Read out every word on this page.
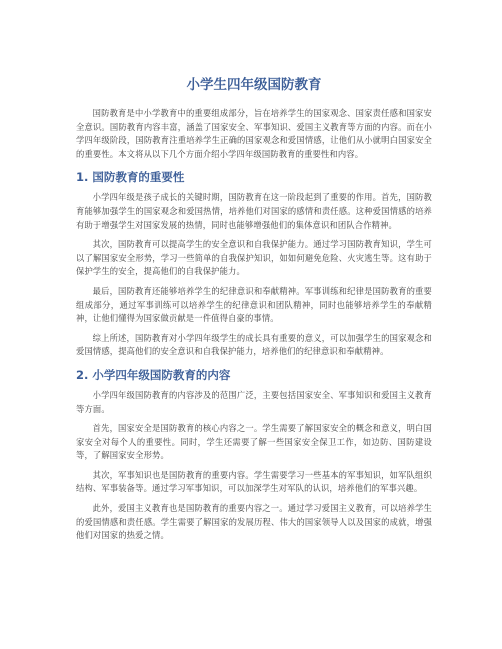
小学生四年级国防教育

国防教育是中小学教育中的重要组成部分，旨在培养学生的国家观念、国家责任感和国家安全意识。国防教育内容丰富，涵盖了国家安全、军事知识、爱国主义教育等方面的内容。而在小学四年级阶段，国防教育注重培养学生正确的国家观念和爱国情感，让他们从小就明白国家安全的重要性。本文将从以下几个方面介绍小学四年级国防教育的重要性和内容。

1. 国防教育的重要性

小学四年级是孩子成长的关键时期，国防教育在这一阶段起到了重要的作用。首先，国防教育能够加强学生的国家观念和爱国热情，培养他们对国家的感情和责任感。这种爱国情感的培养有助于增强学生对国家发展的热情，同时也能够增强他们的集体意识和团队合作精神。

其次，国防教育可以提高学生的安全意识和自我保护能力。通过学习国防教育知识，学生可以了解国家安全形势，学习一些简单的自我保护知识，如如何避免危险、火灾逃生等。这有助于保护学生的安全，提高他们的自我保护能力。

最后，国防教育还能够培养学生的纪律意识和奉献精神。军事训练和纪律是国防教育的重要组成部分，通过军事训练可以培养学生的纪律意识和团队精神，同时也能够培养学生的奉献精神，让他们懂得为国家做贡献是一件值得自豪的事情。

综上所述，国防教育对小学四年级学生的成长具有重要的意义，可以加强学生的国家观念和爱国情感，提高他们的安全意识和自我保护能力，培养他们的纪律意识和奉献精神。

2. 小学四年级国防教育的内容

小学四年级国防教育的内容涉及的范围广泛，主要包括国家安全、军事知识和爱国主义教育等方面。

首先，国家安全是国防教育的核心内容之一。学生需要了解国家安全的概念和意义，明白国家安全对每个人的重要性。同时，学生还需要了解一些国家安全保卫工作，如边防、国防建设等，了解国家安全形势。

其次，军事知识也是国防教育的重要内容。学生需要学习一些基本的军事知识，如军队组织结构、军事装备等。通过学习军事知识，可以加深学生对军队的认识，培养他们的军事兴趣。

此外，爱国主义教育也是国防教育的重要内容之一。通过学习爱国主义教育，可以培养学生的爱国情感和责任感。学生需要了解国家的发展历程、伟大的国家领导人以及国家的成就，增强他们对国家的热爱之情。
